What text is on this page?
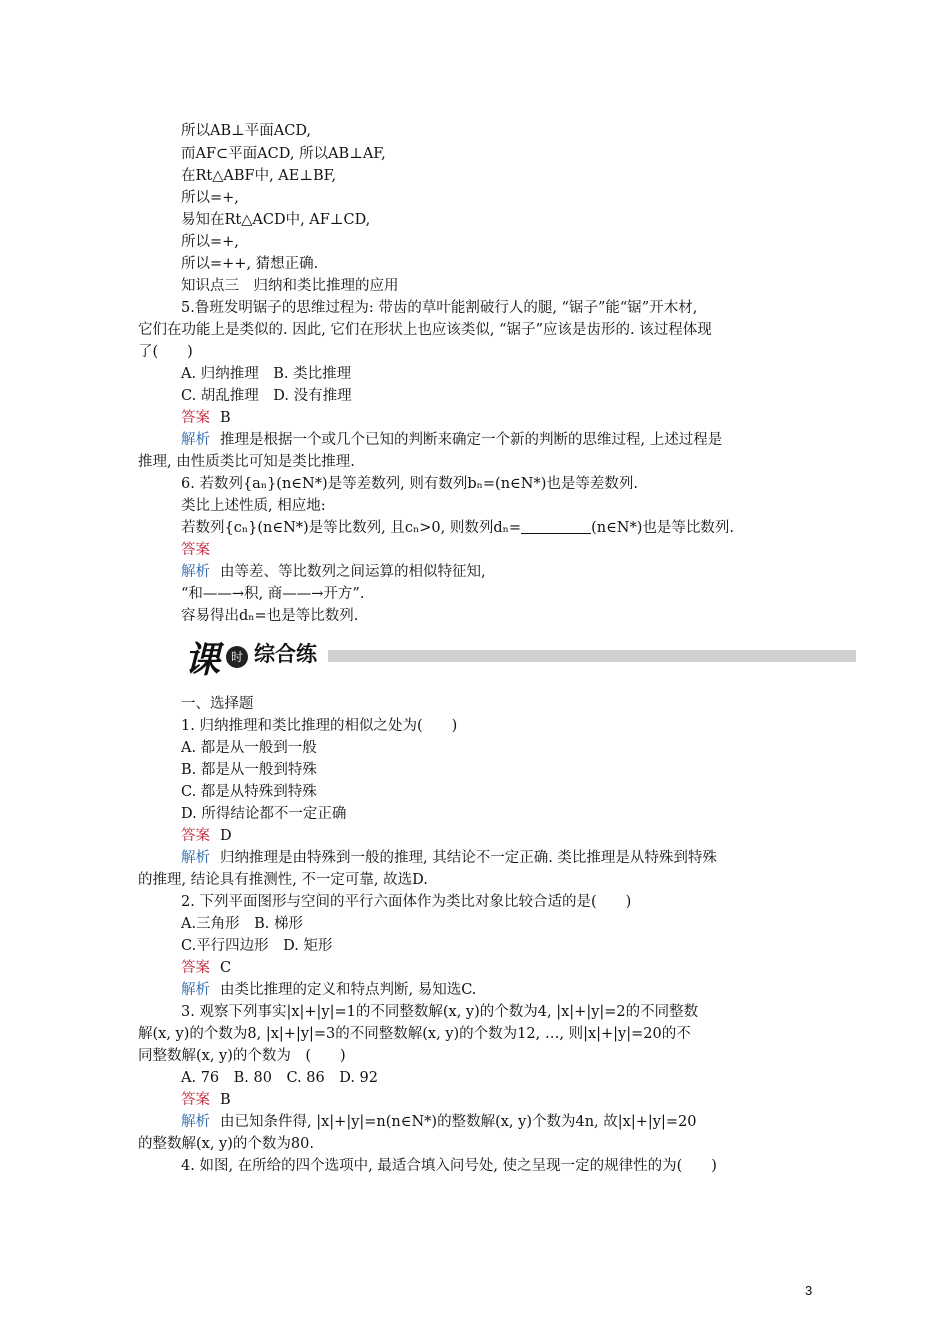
所以AB⊥平面ACD,
而AF⊂平面ACD, 所以AB⊥AF,
在Rt△ABF中, AE⊥BF,
所以=+,
易知在Rt△ACD中, AF⊥CD,
所以=+,
所以=++, 猜想正确.
知识点三　归纳和类比推理的应用
5.鲁班发明锯子的思维过程为: 带齿的草叶能割破行人的腿, “锯子”能“锯”开木材,
它们在功能上是类似的. 因此, 它们在形状上也应该类似, “锯子”应该是齿形的. 该过程体现
了(　　)
A. 归纳推理　B. 类比推理
C. 胡乱推理　D. 没有推理
答案 B
解析 推理是根据一个或几个已知的判断来确定一个新的判断的思维过程, 上述过程是
推理, 由性质类比可知是类比推理.
6. 若数列{aₙ}(n∈N*)是等差数列, 则有数列bₙ=(n∈N*)也是等差数列.
类比上述性质, 相应地:
若数列{cₙ}(n∈N*)是等比数列, 且cₙ>0, 则数列dₙ=	(n∈N*)也是等比数列.
答案
解析 由等差、等比数列之间运算的相似特征知,
“和——→积, 商——→开方”.
容易得出dₙ=也是等比数列.
课 时 综合练
一、选择题
1. 归纳推理和类比推理的相似之处为(　　)
A. 都是从一般到一般
B. 都是从一般到特殊
C. 都是从特殊到特殊
D. 所得结论都不一定正确
答案 D
解析 归纳推理是由特殊到一般的推理, 其结论不一定正确. 类比推理是从特殊到特殊
的推理, 结论具有推测性, 不一定可靠, 故选D.
2. 下列平面图形与空间的平行六面体作为类比对象比较合适的是(　　)
A.三角形　B. 梯形
C.平行四边形　D. 矩形
答案 C
解析 由类比推理的定义和特点判断, 易知选C.
3. 观察下列事实|x|+|y|=1的不同整数解(x, y)的个数为4, |x|+|y|=2的不同整数
解(x, y)的个数为8, |x|+|y|=3的不同整数解(x, y)的个数为12, …, 则|x|+|y|=20的不
同整数解(x, y)的个数为　(　　)
A. 76　B. 80　C. 86　D. 92
答案 B
解析 由已知条件得, |x|+|y|=n(n∈N*)的整数解(x, y)个数为4n, 故|x|+|y|=20
的整数解(x, y)的个数为80.
4. 如图, 在所给的四个选项中, 最适合填入问号处, 使之呈现一定的规律性的为(　　)
3
